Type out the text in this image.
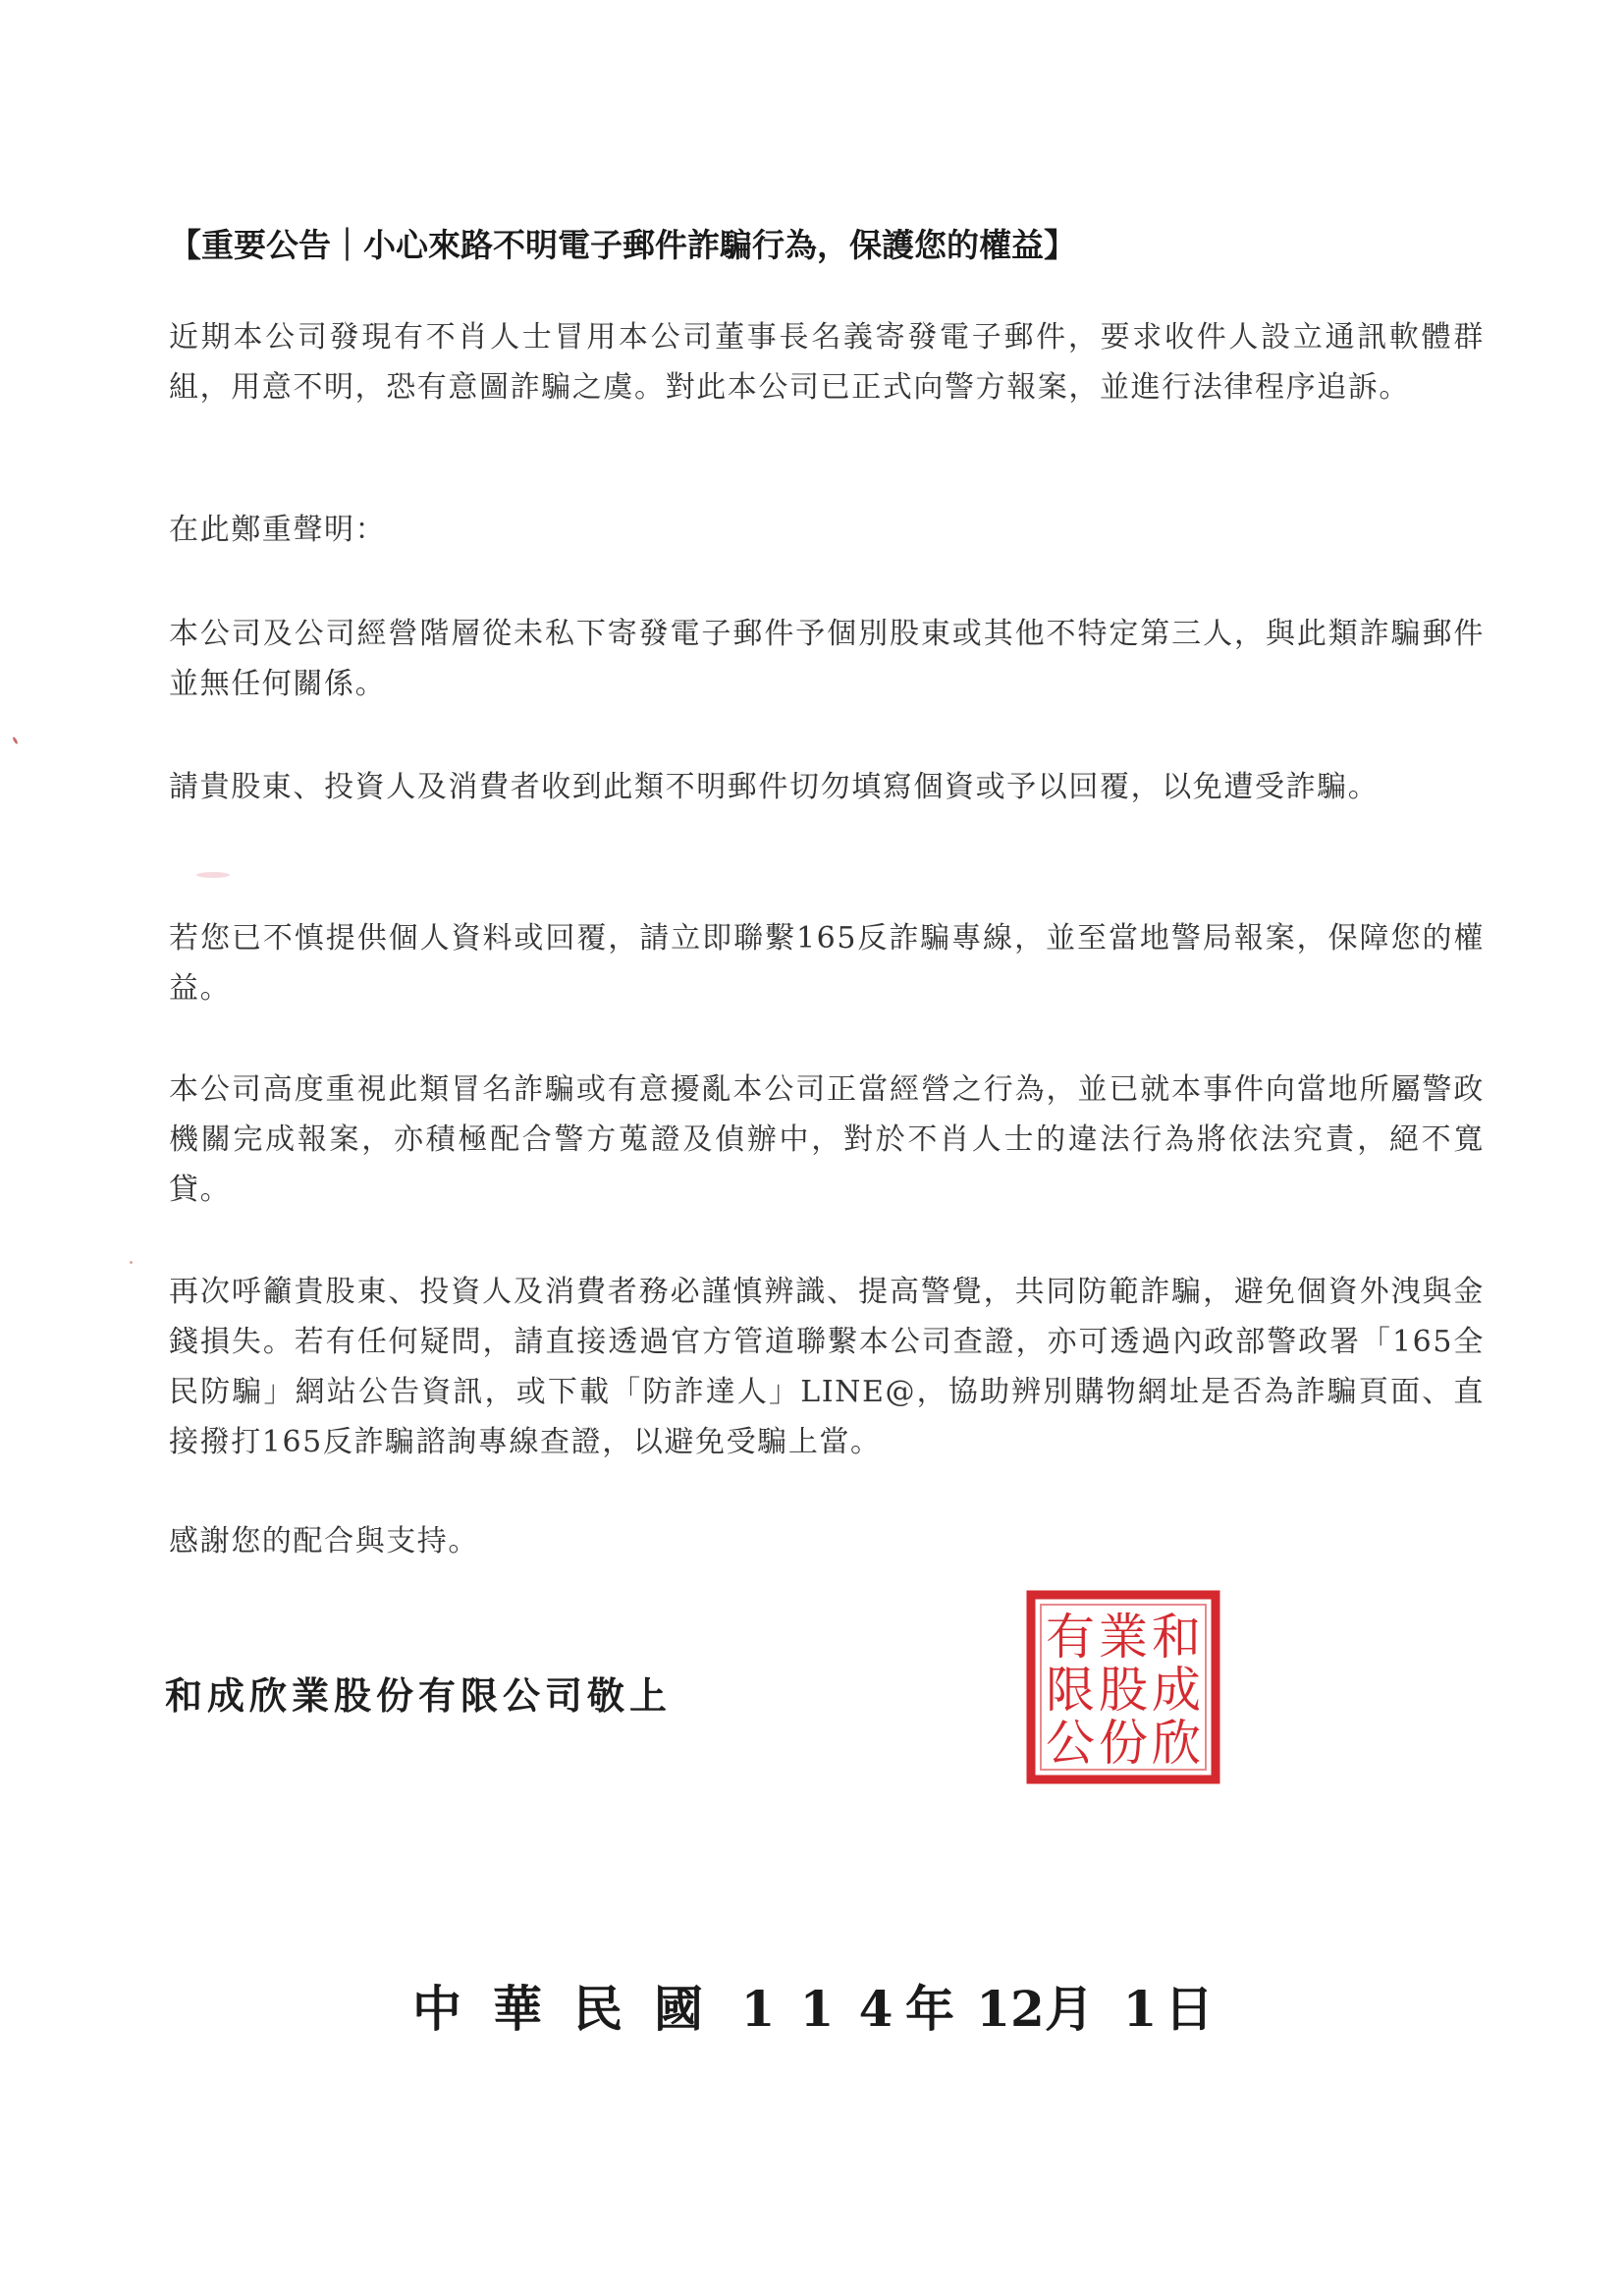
【重要公告｜小心來路不明電子郵件詐騙行為，保護您的權益】

近期本公司發現有不肖人士冒用本公司董事長名義寄發電子郵件，要求收件人設立通訊軟體群組，用意不明，恐有意圖詐騙之虞。對此本公司已正式向警方報案，並進行法律程序追訴。

在此鄭重聲明：

本公司及公司經營階層從未私下寄發電子郵件予個別股東或其他不特定第三人，與此類詐騙郵件並無任何關係。

請貴股東、投資人及消費者收到此類不明郵件切勿填寫個資或予以回覆，以免遭受詐騙。

若您已不慎提供個人資料或回覆，請立即聯繫165反詐騙專線，並至當地警局報案，保障您的權益。

本公司高度重視此類冒名詐騙或有意擾亂本公司正當經營之行為，並已就本事件向當地所屬警政機關完成報案，亦積極配合警方蒐證及偵辦中，對於不肖人士的違法行為將依法究責，絕不寬貸。

再次呼籲貴股東、投資人及消費者務必謹慎辨識、提高警覺，共同防範詐騙，避免個資外洩與金錢損失。若有任何疑問，請直接透過官方管道聯繫本公司查證，亦可透過內政部警政署「165全民防騙」網站公告資訊，或下載「防詐達人」LINE@，協助辨別購物網址是否為詐騙頁面、直接撥打165反詐騙諮詢專線查證，以避免受騙上當。

感謝您的配合與支持。

和成欣業股份有限公司敬上

和
成
欣
業
股
份
有
限
公
中 華 民 國 1 1 4 年 12月 1 日
